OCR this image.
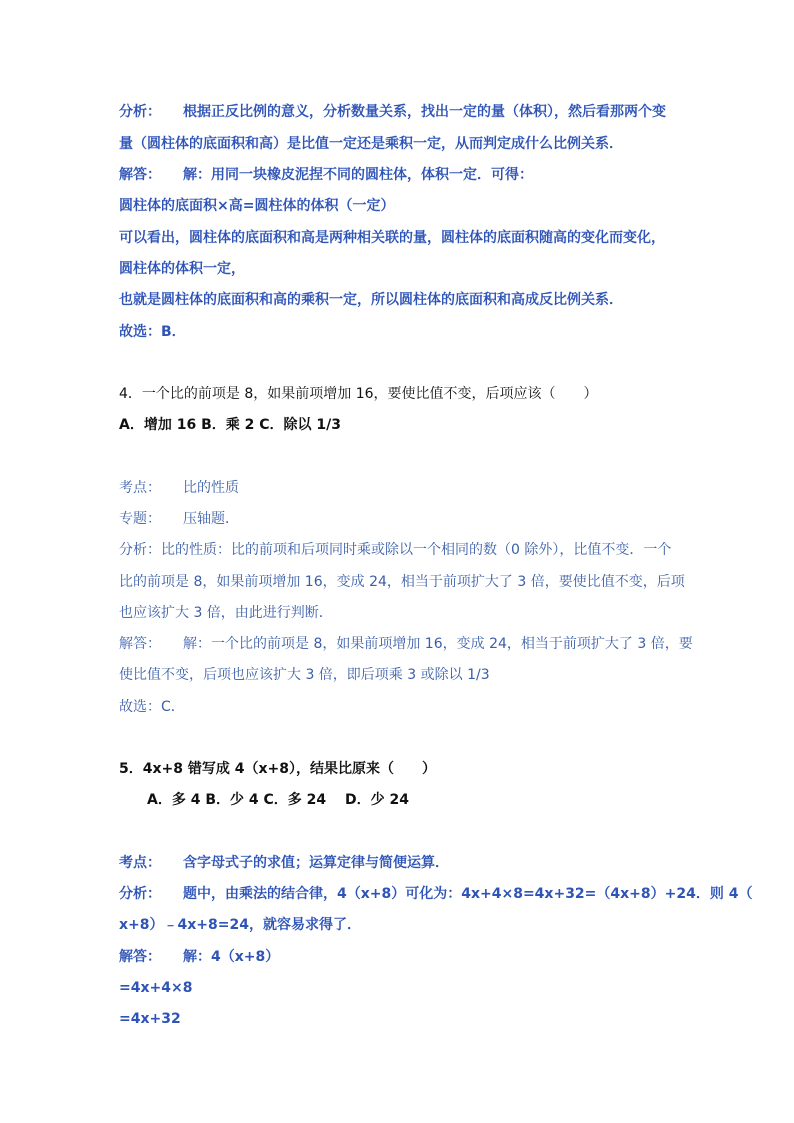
分析： 根据正反比例的意义，分析数量关系，找出一定的量（体积），然后看那两个变

量（圆柱体的底面积和高）是比值一定还是乘积一定，从而判定成什么比例关系．

解答： 解：用同一块橡皮泥捏不同的圆柱体，体积一定．可得：

圆柱体的底面积×高=圆柱体的体积（一定）

可以看出，圆柱体的底面积和高是两种相关联的量，圆柱体的底面积随高的变化而变化，

圆柱体的体积一定，

也就是圆柱体的底面积和高的乘积一定，所以圆柱体的底面积和高成反比例关系．

故选：B．

4．一个比的前项是 8，如果前项增加 16，要使比值不变，后项应该（　　）

A．增加 16 B．乘 2 C．除以 1/3

考点： 比的性质

专题： 压轴题．

分析：比的性质：比的前项和后项同时乘或除以一个相同的数（0 除外），比值不变．一个

比的前项是 8，如果前项增加 16，变成 24，相当于前项扩大了 3 倍，要使比值不变，后项

也应该扩大 3 倍，由此进行判断．

解答： 解：一个比的前项是 8，如果前项增加 16，变成 24，相当于前项扩大了 3 倍，要

使比值不变，后项也应该扩大 3 倍，即后项乘 3 或除以 1/3

故选：C．

5．4x+8 错写成 4（x+8），结果比原来（　　）

A．多 4 B．少 4 C．多 24　 D．少 24

考点： 含字母式子的求值；运算定律与简便运算．

分析： 题中，由乘法的结合律，4（x+8）可化为：4x+4×8=4x+32=（4x+8）+24．则 4（

x+8）﹣4x+8=24，就容易求得了．

解答： 解：4（x+8）

=4x+4×8

=4x+32
